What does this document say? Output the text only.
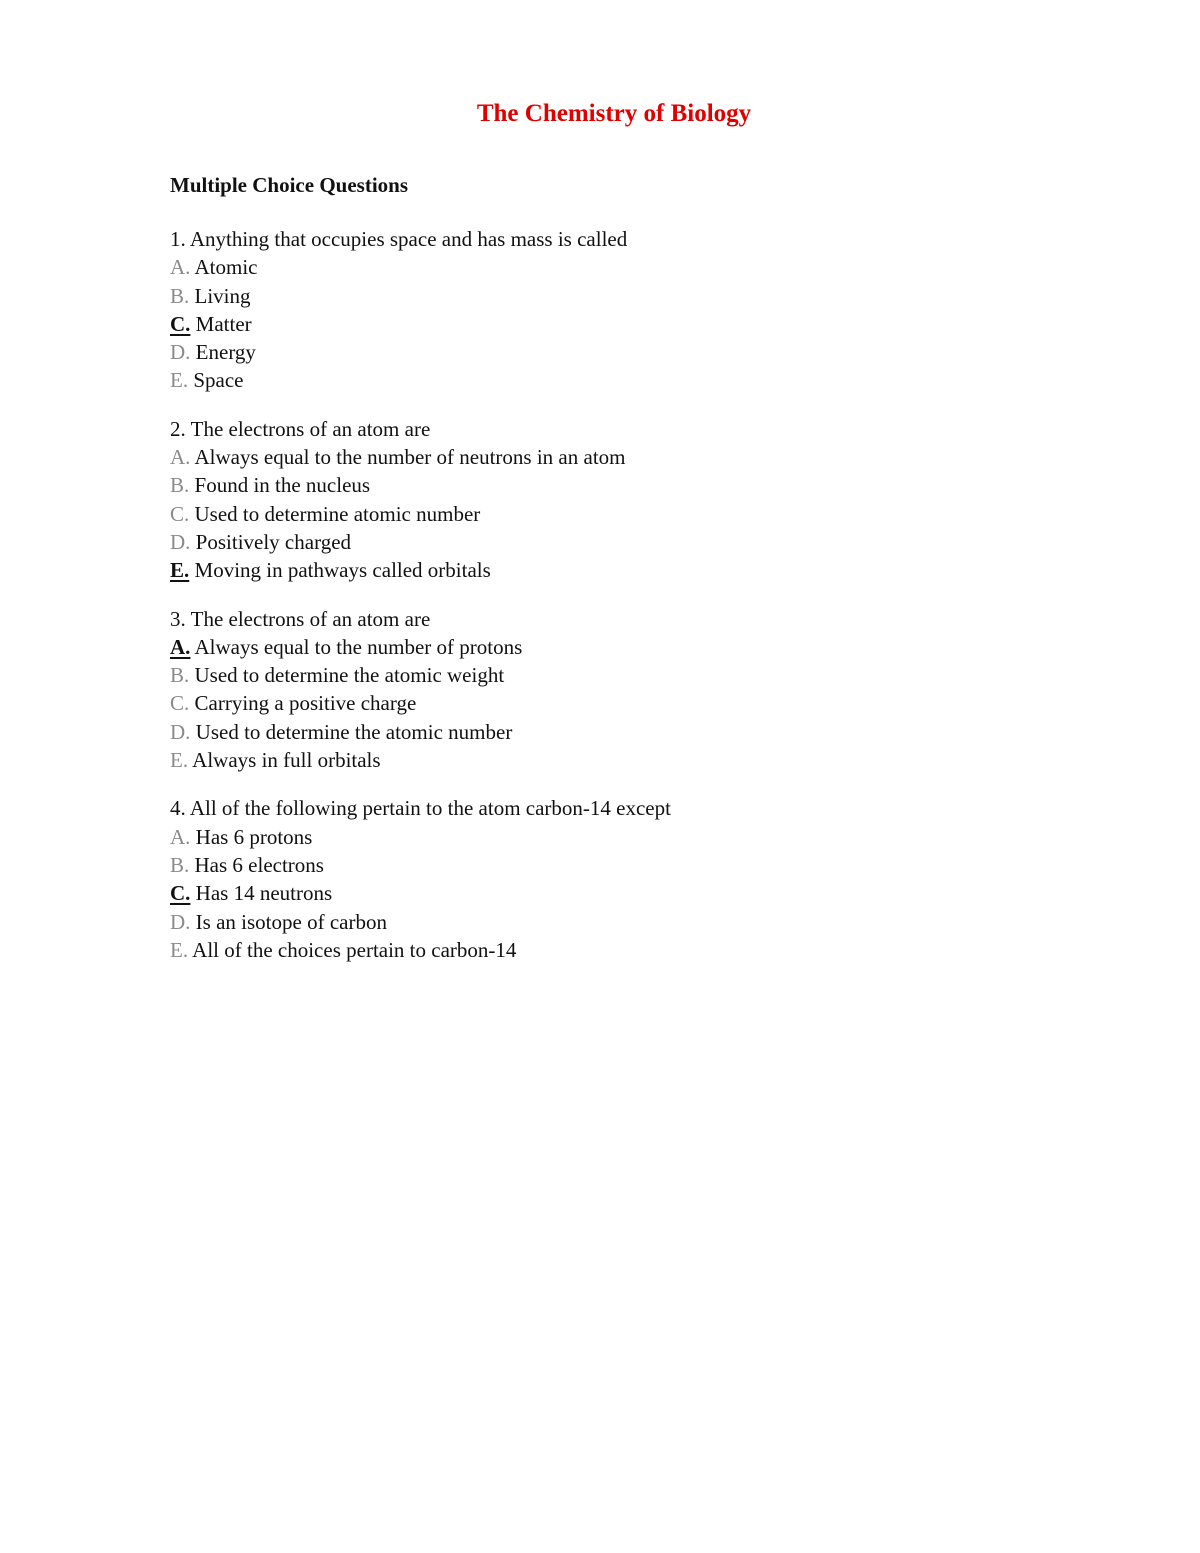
The Chemistry of Biology
Multiple Choice Questions

1. Anything that occupies space and has mass is called

A. Atomic

B. Living

C. Matter

D. Energy

E. Space

2. The electrons of an atom are

A. Always equal to the number of neutrons in an atom

B. Found in the nucleus

C. Used to determine atomic number

D. Positively charged

E. Moving in pathways called orbitals

3. The electrons of an atom are

A. Always equal to the number of protons

B. Used to determine the atomic weight

C. Carrying a positive charge

D. Used to determine the atomic number

E. Always in full orbitals

4. All of the following pertain to the atom carbon-14 except

A. Has 6 protons

B. Has 6 electrons

C. Has 14 neutrons

D. Is an isotope of carbon

E. All of the choices pertain to carbon-14
